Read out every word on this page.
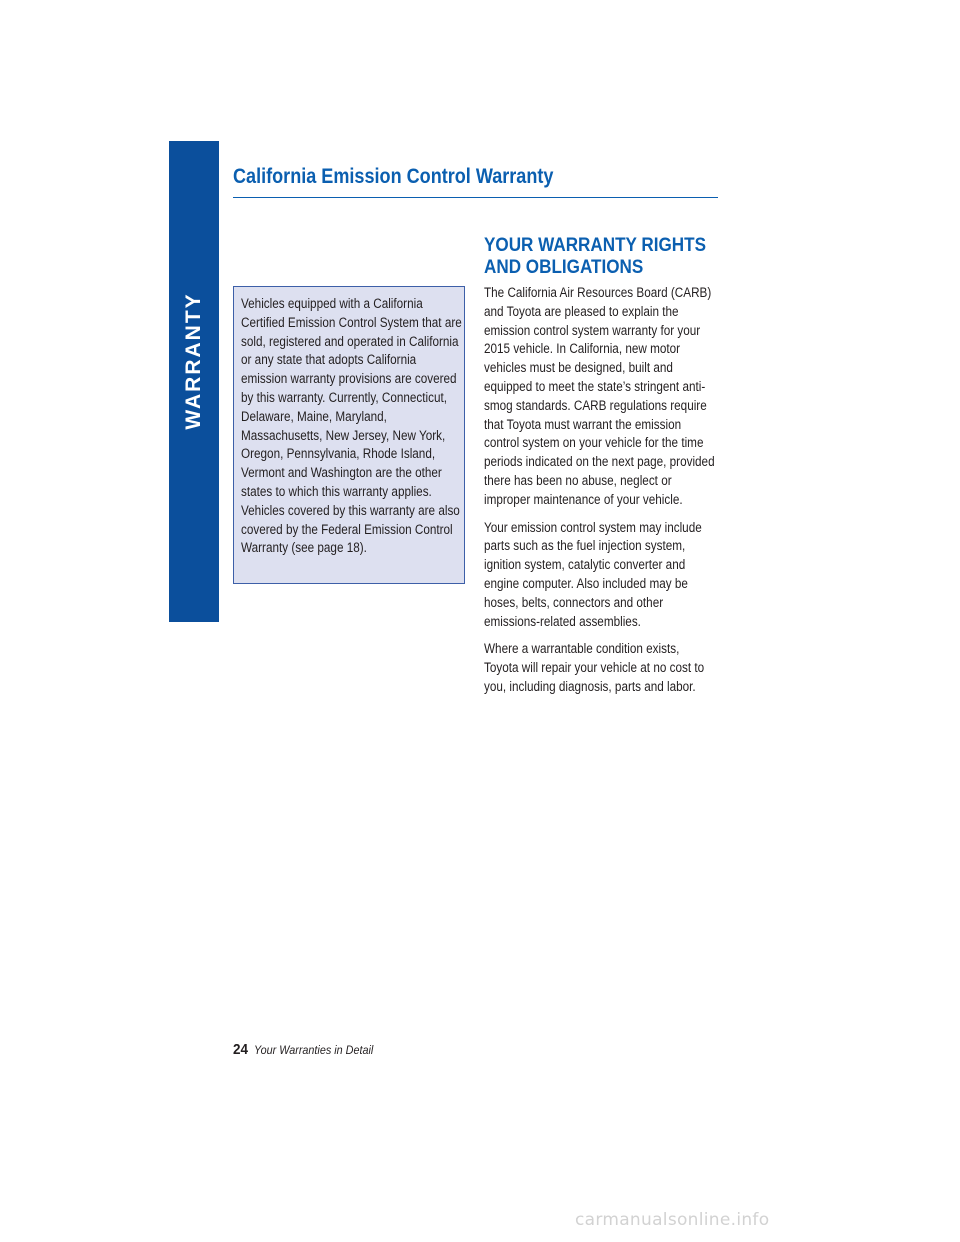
WARRANTY
California Emission Control Warranty

Vehicles equipped with a California Certified Emission Control System that are sold, registered and operated in California or any state that adopts California emission warranty provisions are covered by this warranty. Currently, Connecticut, Delaware, Maine, Maryland, Massachusetts, New Jersey, New York, Oregon, Pennsylvania, Rhode Island, Vermont and Washington are the other states to which this warranty applies. Vehicles covered by this warranty are also covered by the Federal Emission Control Warranty (see page 18).

YOUR WARRANTY RIGHTS AND OBLIGATIONS

The California Air Resources Board (CARB) and Toyota are pleased to explain the emission control system warranty for your 2015 vehicle. In California, new motor vehicles must be designed, built and equipped to meet the state’s stringent anti-smog standards. CARB regulations require that Toyota must warrant the emission control system on your vehicle for the time periods indicated on the next page, provided there has been no abuse, neglect or improper maintenance of your vehicle.

Your emission control system may include parts such as the fuel injection system, ignition system, catalytic converter and engine computer. Also included may be hoses, belts, connectors and other emissions-related assemblies.

Where a warrantable condition exists, Toyota will repair your vehicle at no cost to you, including diagnosis, parts and labor.

24 Your Warranties in Detail
carmanualsonline.info
